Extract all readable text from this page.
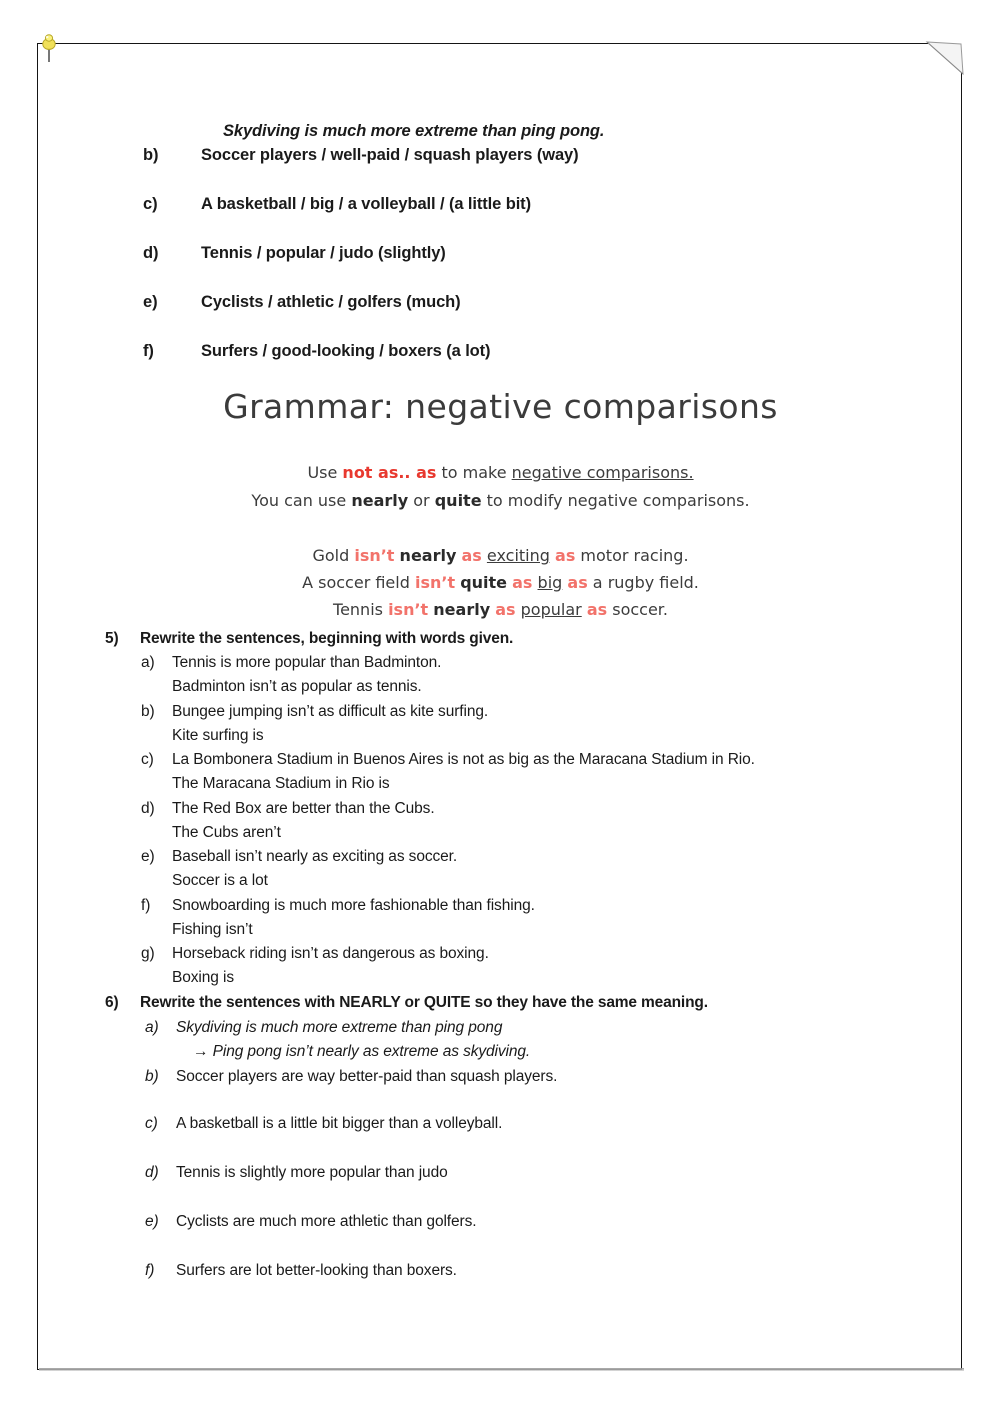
Skydiving is much more extreme than ping pong.
b)	Soccer players / well-paid / squash players (way)
c)	A basketball / big / a volleyball / (a little bit)
d)	Tennis / popular / judo (slightly)
e)	Cyclists / athletic / golfers (much)
f)	Surfers / good-looking / boxers (a lot)
Grammar: negative comparisons
Use not as.. as to make negative comparisons.
You can use nearly or quite to modify negative comparisons.
Gold isn’t nearly as exciting as motor racing.
A soccer field isn’t quite as big as a rugby field.
Tennis isn’t nearly as popular as soccer.
5)	Rewrite the sentences, beginning with words given.
a)	Tennis is more popular than Badminton.
Badminton isn’t as popular as tennis.
b)	Bungee jumping isn’t as difficult as kite surfing.
Kite surfing is
c)	La Bombonera Stadium in Buenos Aires is not as big as the Maracana Stadium in Rio.
The Maracana Stadium in Rio is
d)	The Red Box are better than the Cubs.
The Cubs aren’t
e)	Baseball isn’t nearly as exciting as soccer.
Soccer is a lot
f)	Snowboarding is much more fashionable than fishing.
Fishing isn’t
g)	Horseback riding isn’t as dangerous as boxing.
Boxing is
6)	Rewrite the sentences with NEARLY or QUITE so they have the same meaning.
a)	Skydiving is much more extreme than ping pong
→ Ping pong isn’t nearly as extreme as skydiving.
b)	Soccer players are way better-paid than squash players.
c)	A basketball is a little bit bigger than a volleyball.
d)	Tennis is slightly more popular than judo
e)	Cyclists are much more athletic than golfers.
f)	Surfers are lot better-looking than boxers.
